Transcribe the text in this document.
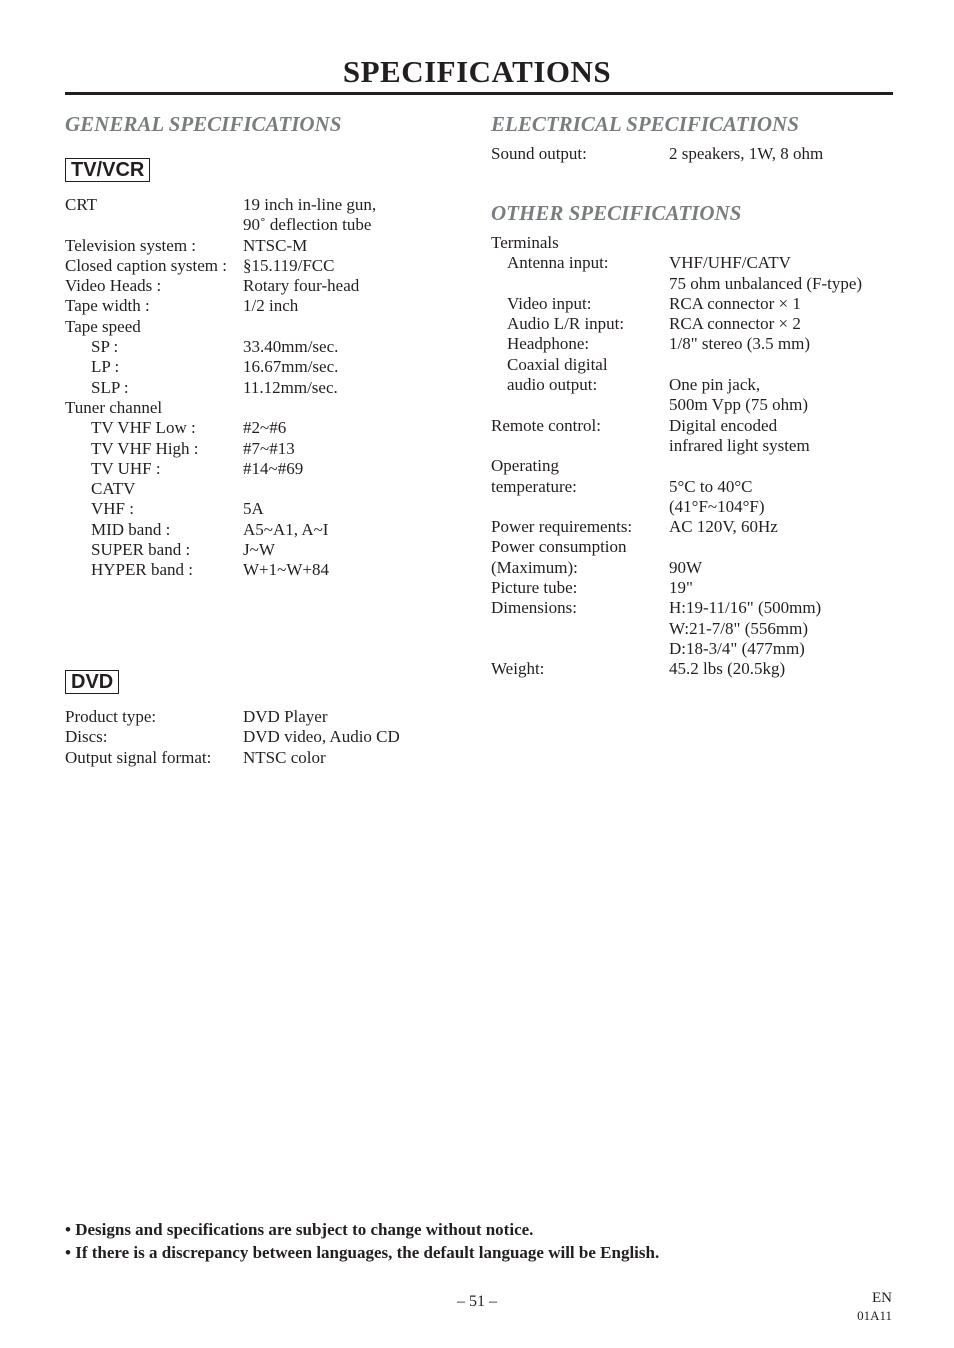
SPECIFICATIONS
GENERAL SPECIFICATIONS
TV/VCR
CRT	19 inch in-line gun,
90˚ deflection tube
Television system :	NTSC-M
Closed caption system : §15.119/FCC
Video Heads :	Rotary four-head
Tape width :	1/2 inch
Tape speed
SP :	33.40mm/sec.
LP :	16.67mm/sec.
SLP :	11.12mm/sec.
Tuner channel
TV VHF Low :	#2~#6
TV VHF High :	#7~#13
TV UHF :	#14~#69
CATV
VHF :	5A
MID band :	A5~A1, A~I
SUPER band :	J~W
HYPER band :	W+1~W+84
DVD
Product type:	DVD Player
Discs:	DVD video, Audio CD
Output signal format: NTSC color
ELECTRICAL SPECIFICATIONS
Sound output:	2 speakers, 1W, 8 ohm
OTHER SPECIFICATIONS
Terminals
Antenna input:	VHF/UHF/CATV
75 ohm unbalanced (F-type)
Video input:	RCA connector × 1
Audio L/R input:	RCA connector × 2
Headphone:	1/8" stereo (3.5 mm)
Coaxial digital
audio output:	One pin jack,
500m Vpp (75 ohm)
Remote control:	Digital encoded
infrared light system
Operating
temperature:	5°C to 40°C
(41°F~104°F)
Power requirements: AC 120V, 60Hz
Power consumption
(Maximum):	90W
Picture tube:	19"
Dimensions:	H:19-11/16" (500mm)
W:21-7/8" (556mm)
D:18-3/4" (477mm)
Weight:	45.2 lbs (20.5kg)
• Designs and specifications are subject to change without notice.
• If there is a discrepancy between languages, the default language will be English.
– 51 –	EN
01A11
